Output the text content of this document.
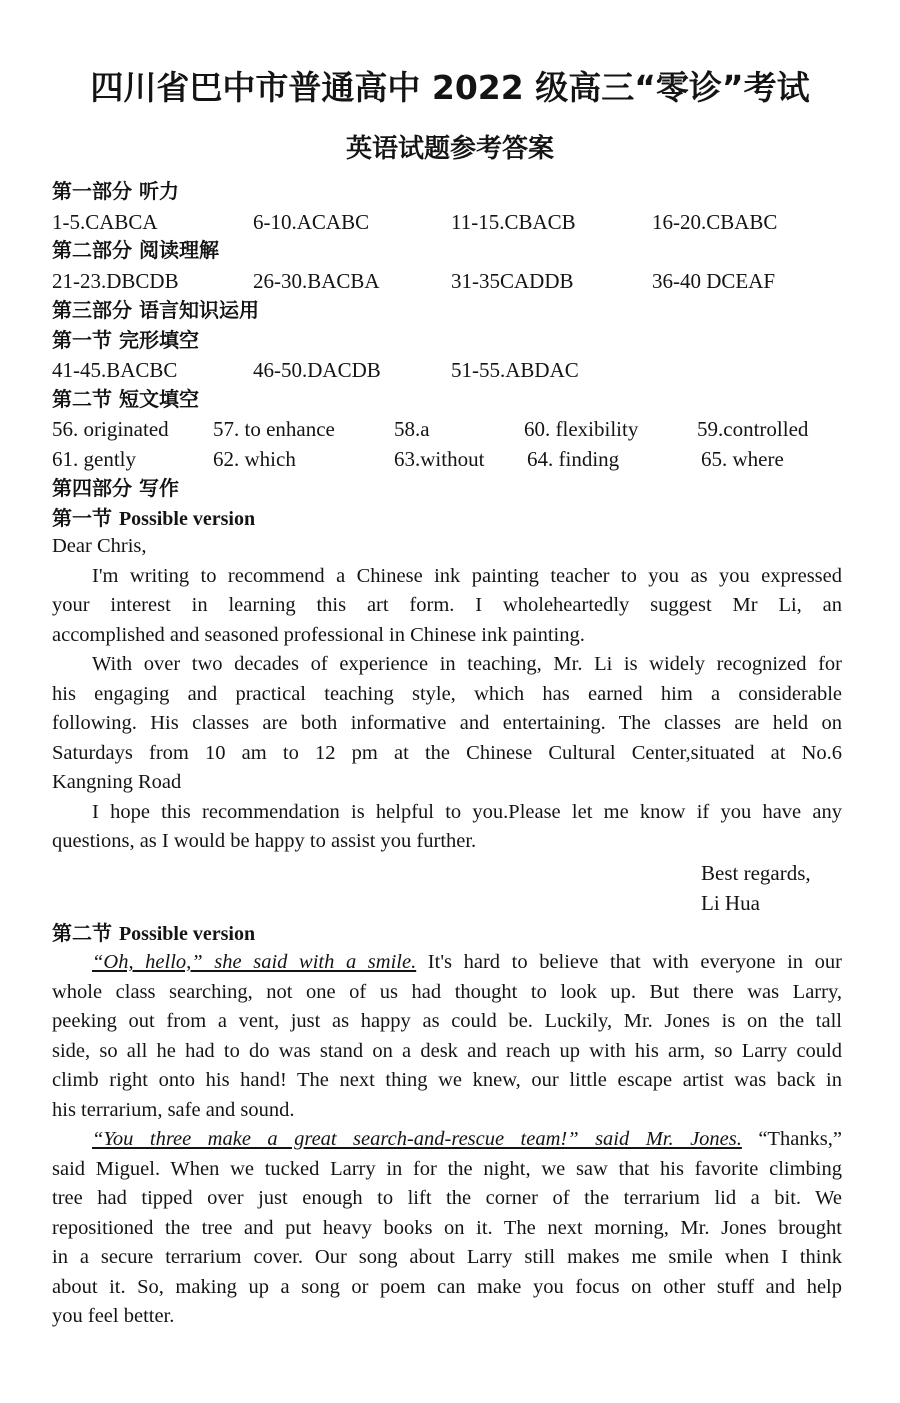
四川省巴中市普通高中 2022 级高三“零诊”考试
英语试题参考答案
第一部分 听力
1-5.CABCA	6-10.ACABC	11-15.CBACB	16-20.CBABC
第二部分 阅读理解
21-23.DBCDB	26-30.BACBA	31-35CADDB	36-40 DCEAF
第三部分 语言知识运用
第一节 完形填空
41-45.BACBC	46-50.DACDB	51-55.ABDAC
第二节 短文填空
56. originated 57. to enhance	58.a	60. flexibility	59.controlled
61. gently	62. which	63.without 64. finding	65. where
第四部分 写作
第一节 Possible version
Dear Chris,
I'm writing to recommend a Chinese ink painting teacher to you as you expressed
your interest in learning this art form. I wholeheartedly suggest Mr Li, an
accomplished and seasoned professional in Chinese ink painting.
With over two decades of experience in teaching, Mr. Li is widely recognized for
his engaging and practical teaching style, which has earned him a considerable
following. His classes are both informative and entertaining. The classes are held on
Saturdays from 10 am to 12 pm at the Chinese Cultural Center,situated at No.6
Kangning Road
I hope this recommendation is helpful to you.Please let me know if you have any
questions, as I would be happy to assist you further.
Best regards,
Li Hua
第二节 Possible version
“Oh, hello,” she said with a smile. It's hard to believe that with everyone in our
whole class searching, not one of us had thought to look up. But there was Larry,
peeking out from a vent, just as happy as could be. Luckily, Mr. Jones is on the tall
side, so all he had to do was stand on a desk and reach up with his arm, so Larry could
climb right onto his hand! The next thing we knew, our little escape artist was back in
his terrarium, safe and sound.
“You three make a great search-and-rescue team!” said Mr. Jones. “Thanks,”
said Miguel. When we tucked Larry in for the night, we saw that his favorite climbing
tree had tipped over just enough to lift the corner of the terrarium lid a bit. We
repositioned the tree and put heavy books on it. The next morning, Mr. Jones brought
in a secure terrarium cover. Our song about Larry still makes me smile when I think
about it. So, making up a song or poem can make you focus on other stuff and help
you feel better.
